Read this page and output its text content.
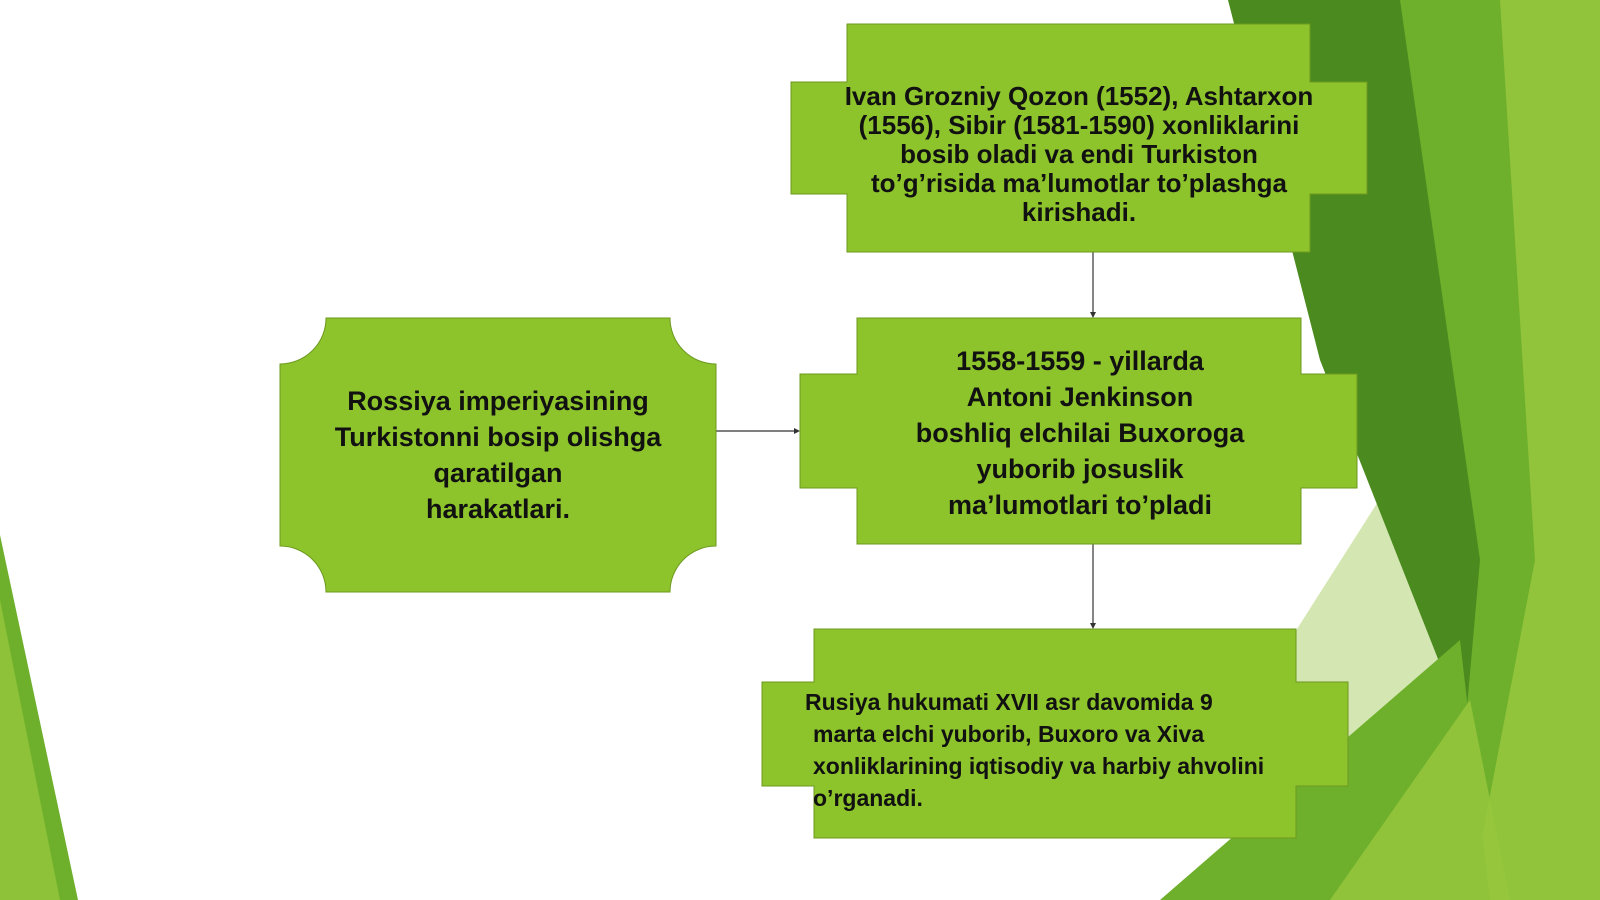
Rossiya imperiyasining
Turkistonni bosip olishga
qaratilgan
harakatlari.
Ivan Grozniy Qozon (1552), Ashtarxon
(1556), Sibir (1581-1590) xonliklarini
bosib oladi va endi Turkiston
to’g’risida ma’lumotlar to’plashga
kirishadi.
1558-1559 - yillarda
Antoni Jenkinson
boshliq elchilai Buxoroga
yuborib josuslik
ma’lumotlari to’pladi
Rusiya hukumati XVII asr davomida 9
marta elchi yuborib, Buxoro va Xiva
xonliklarining iqtisodiy va harbiy ahvolini
o’rganadi.
